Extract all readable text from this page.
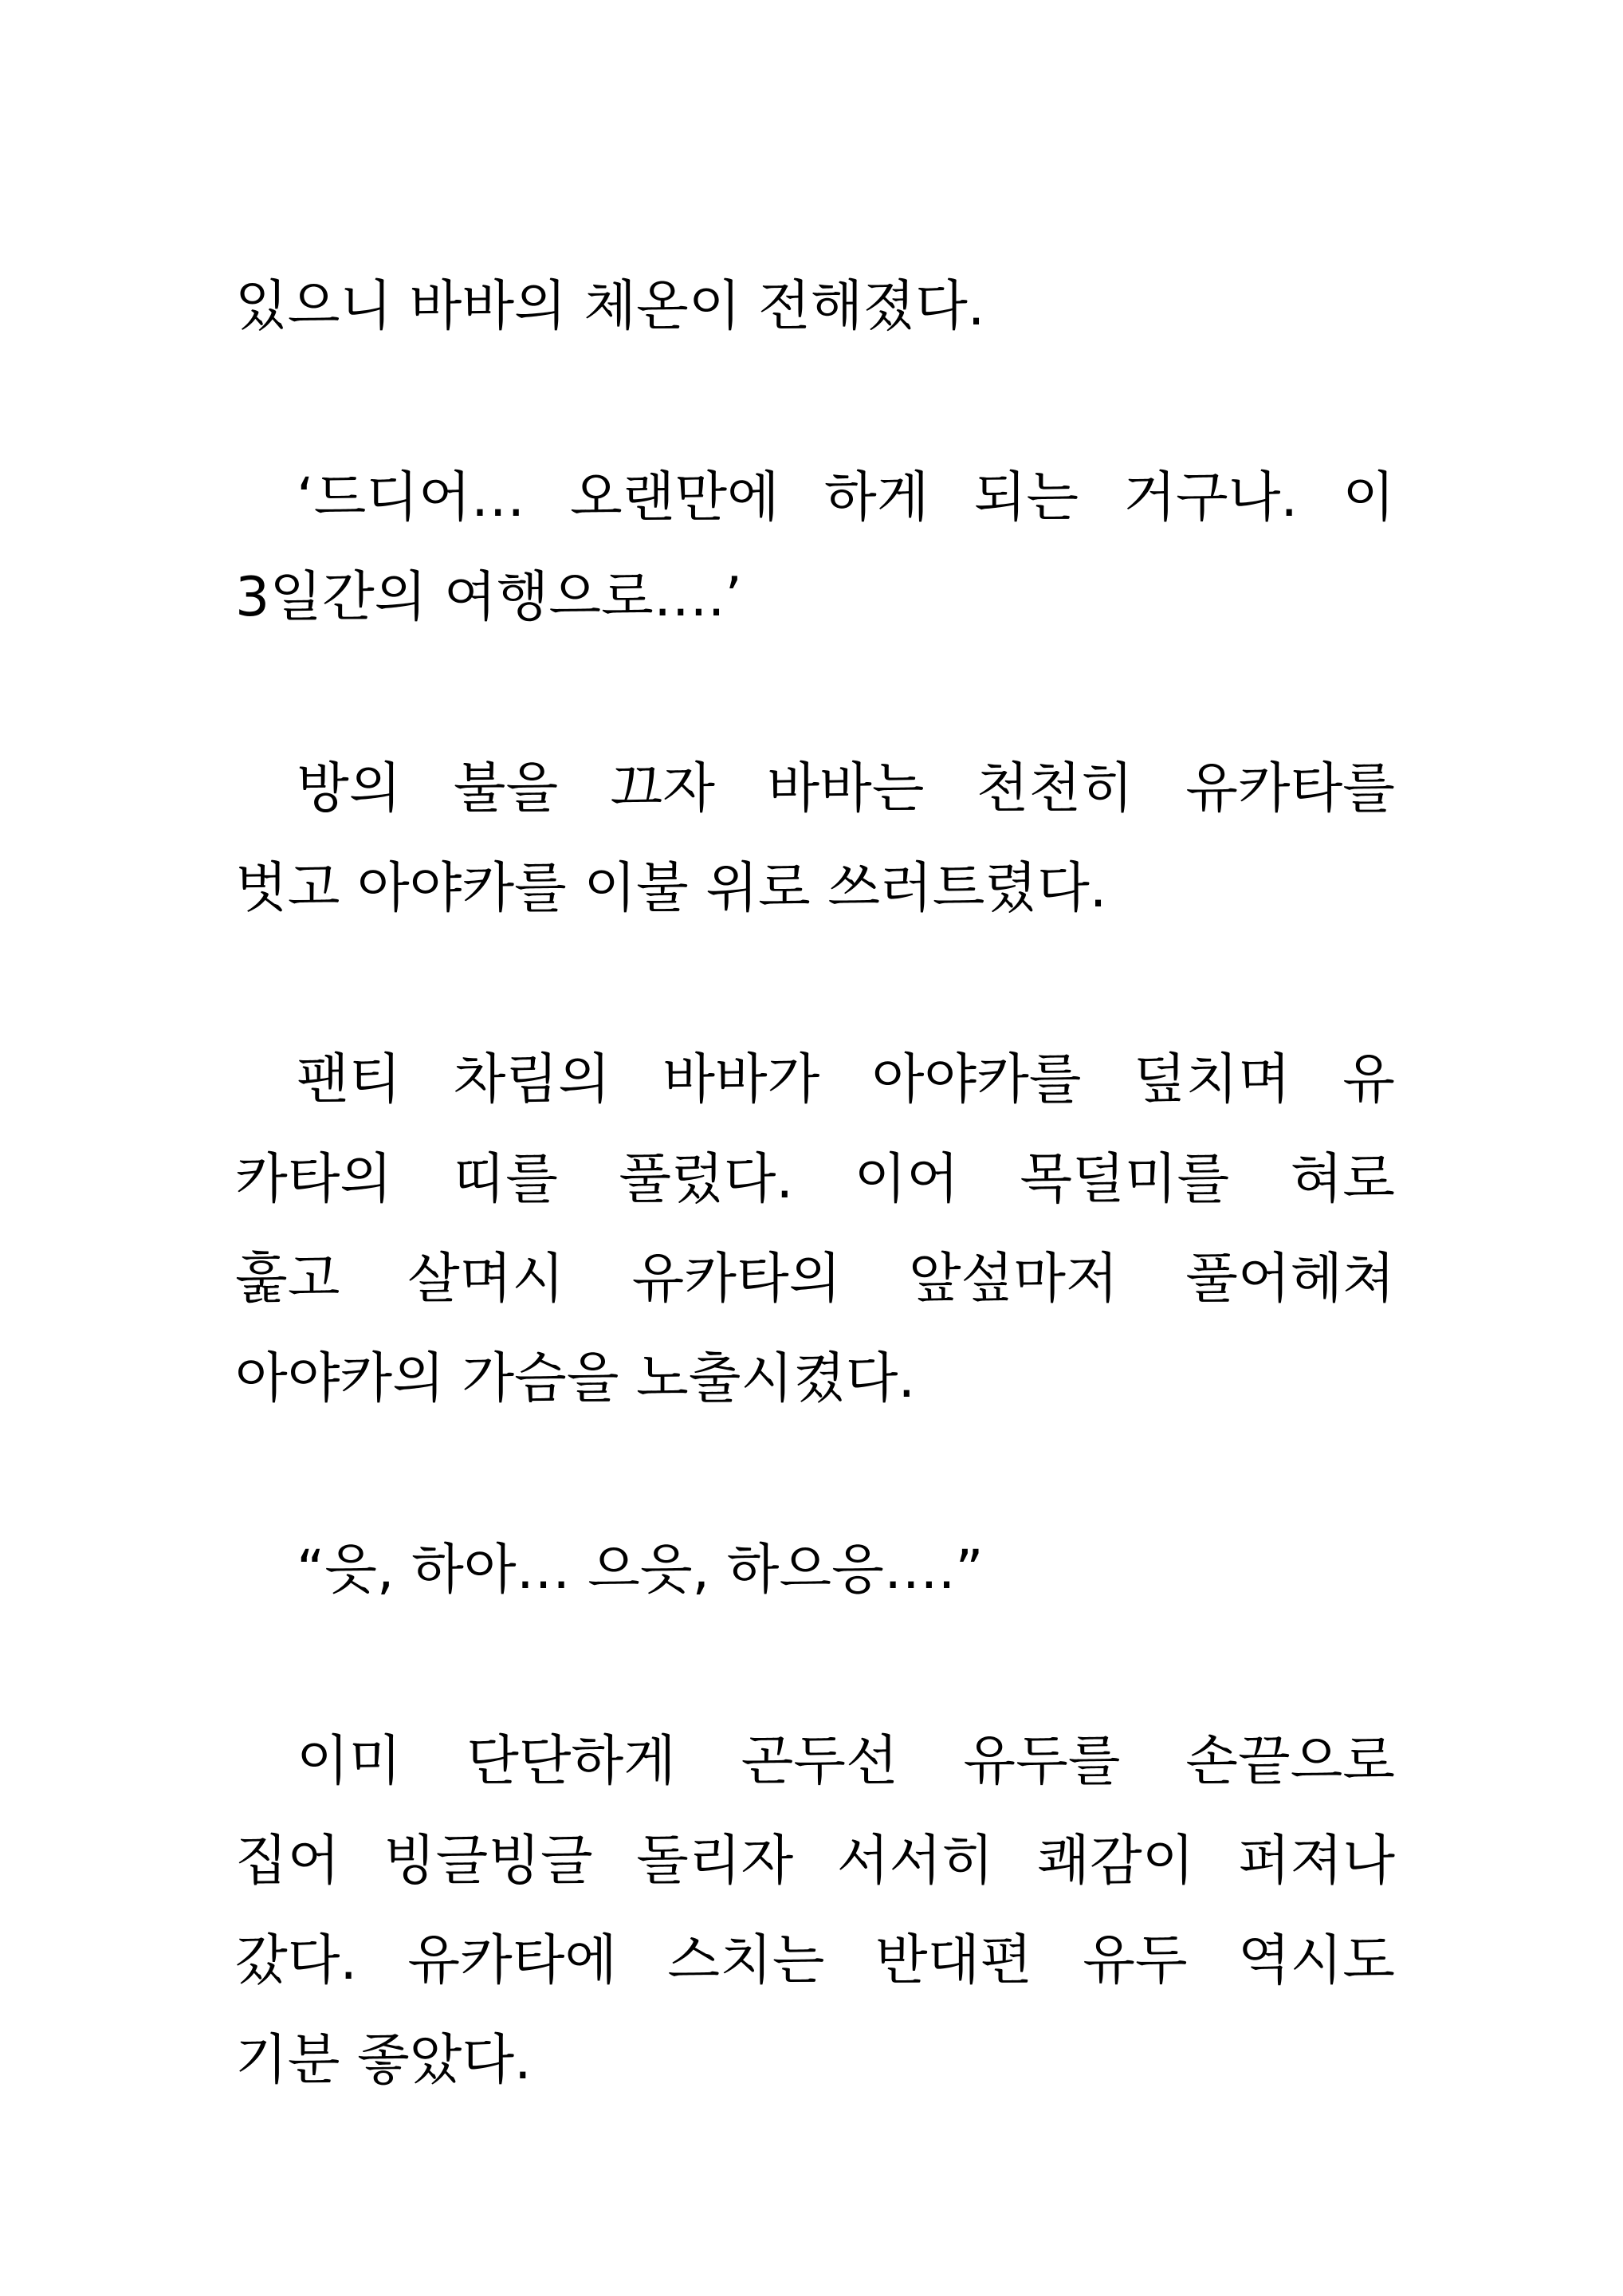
있으니 바바의 체온이 전해졌다.
‘드디어… 오랜만에 하게 되는 거구나. 이
3일간의 여행으로….’
방의 불을 끄자 바바는 천천히 유카타를
벗고 아야카를 이불 위로 쓰러트렸다.
팬티 차림의 바바가 아야카를 덮치며 유
카타의 띠를 풀렀다. 이어 목덜미를 혀로
훑고 살며시 유카타의 앞섶마저 풀어헤쳐
아야카의 가슴을 노출시켰다.
“읏, 하아… 으읏, 하으응….”
이미 단단하게 곤두선 유두를 손끝으로
집어 빙글빙글 돌리자 서서히 쾌감이 퍼져나
갔다. 유카타에 스치는 반대편 유두 역시도
기분 좋았다.
